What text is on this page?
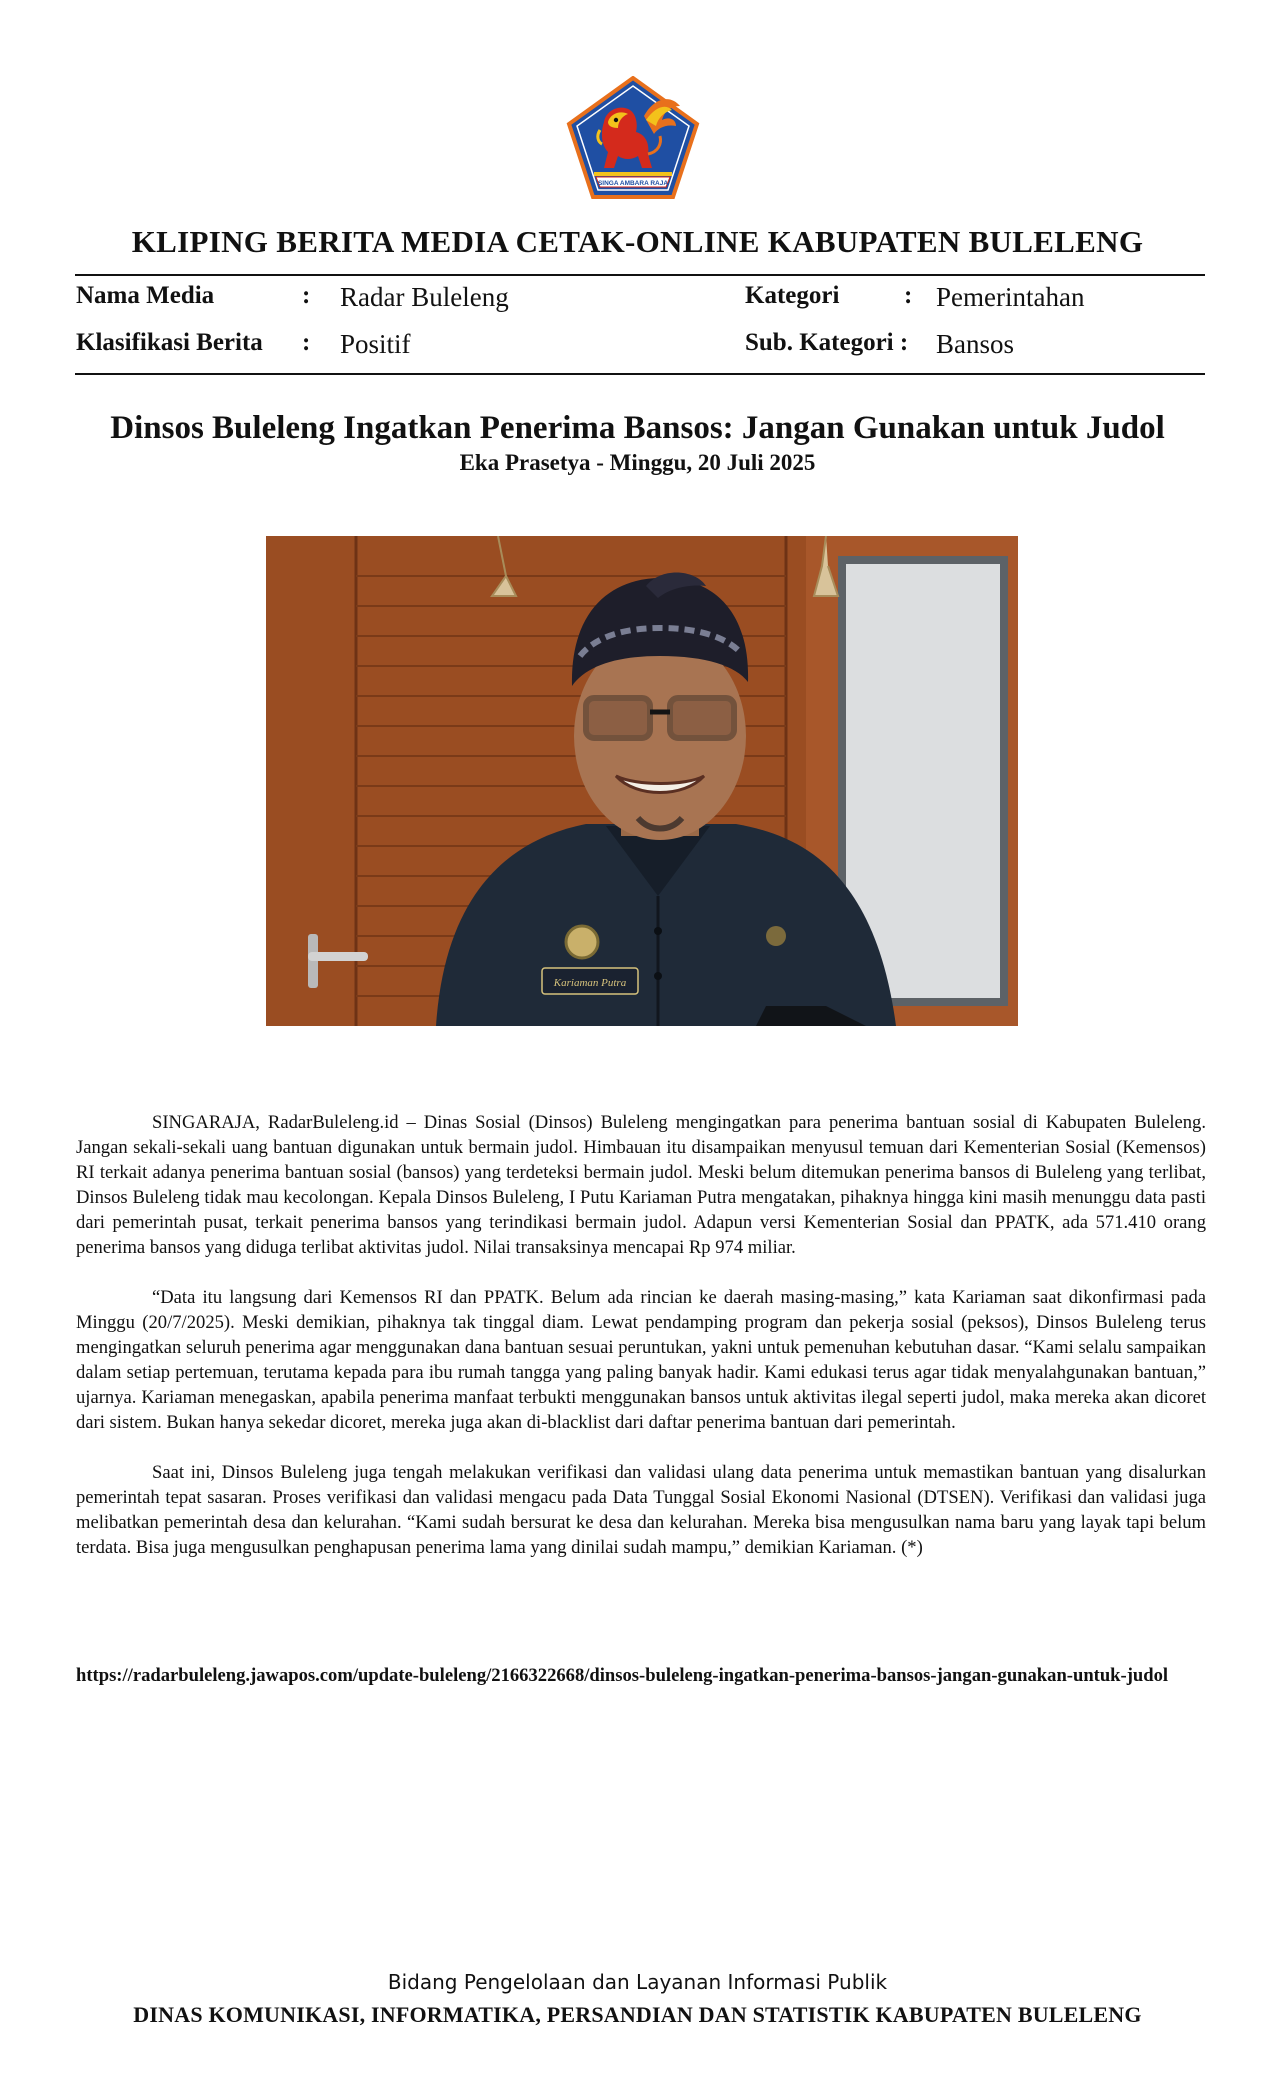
SINGA AMBARA RAJA
KLIPING BERITA MEDIA CETAK-ONLINE KABUPATEN BULELENG
Nama Media	: Radar Buleleng	Kategori	: Pemerintahan
Klasifikasi Berita : Positif	Sub. Kategori : Bansos
Dinsos Buleleng Ingatkan Penerima Bansos: Jangan Gunakan untuk Judol
Eka Prasetya - Minggu, 20 Juli 2025
Kariaman Putra

SINGARAJA, RadarBuleleng.id – Dinas Sosial (Dinsos) Buleleng mengingatkan para penerima bantuan sosial di Kabupaten Buleleng. Jangan sekali-sekali uang bantuan digunakan untuk bermain judol. Himbauan itu disampaikan menyusul temuan dari Kementerian Sosial (Kemensos) RI terkait adanya penerima bantuan sosial (bansos) yang terdeteksi bermain judol. Meski belum ditemukan penerima bansos di Buleleng yang terlibat, Dinsos Buleleng tidak mau kecolongan. Kepala Dinsos Buleleng, I Putu Kariaman Putra mengatakan, pihaknya hingga kini masih menunggu data pasti dari pemerintah pusat, terkait penerima bansos yang terindikasi bermain judol. Adapun versi Kementerian Sosial dan PPATK, ada 571.410 orang penerima bansos yang diduga terlibat aktivitas judol. Nilai transaksinya mencapai Rp 974 miliar.

“Data itu langsung dari Kemensos RI dan PPATK. Belum ada rincian ke daerah masing-masing,” kata Kariaman saat dikonfirmasi pada Minggu (20/7/2025). Meski demikian, pihaknya tak tinggal diam. Lewat pendamping program dan pekerja sosial (peksos), Dinsos Buleleng terus mengingatkan seluruh penerima agar menggunakan dana bantuan sesuai peruntukan, yakni untuk pemenuhan kebutuhan dasar. “Kami selalu sampaikan dalam setiap pertemuan, terutama kepada para ibu rumah tangga yang paling banyak hadir. Kami edukasi terus agar tidak menyalahgunakan bantuan,” ujarnya. Kariaman menegaskan, apabila penerima manfaat terbukti menggunakan bansos untuk aktivitas ilegal seperti judol, maka mereka akan dicoret dari sistem. Bukan hanya sekedar dicoret, mereka juga akan di-blacklist dari daftar penerima bantuan dari pemerintah.

Saat ini, Dinsos Buleleng juga tengah melakukan verifikasi dan validasi ulang data penerima untuk memastikan bantuan yang disalurkan pemerintah tepat sasaran. Proses verifikasi dan validasi mengacu pada Data Tunggal Sosial Ekonomi Nasional (DTSEN). Verifikasi dan validasi juga melibatkan pemerintah desa dan kelurahan. “Kami sudah bersurat ke desa dan kelurahan. Mereka bisa mengusulkan nama baru yang layak tapi belum terdata. Bisa juga mengusulkan penghapusan penerima lama yang dinilai sudah mampu,” demikian Kariaman. (*)

https://radarbuleleng.jawapos.com/update-buleleng/2166322668/dinsos-buleleng-ingatkan-penerima-bansos-jangan-gunakan-untuk-judol
Bidang Pengelolaan dan Layanan Informasi Publik
DINAS KOMUNIKASI, INFORMATIKA, PERSANDIAN DAN STATISTIK KABUPATEN BULELENG
